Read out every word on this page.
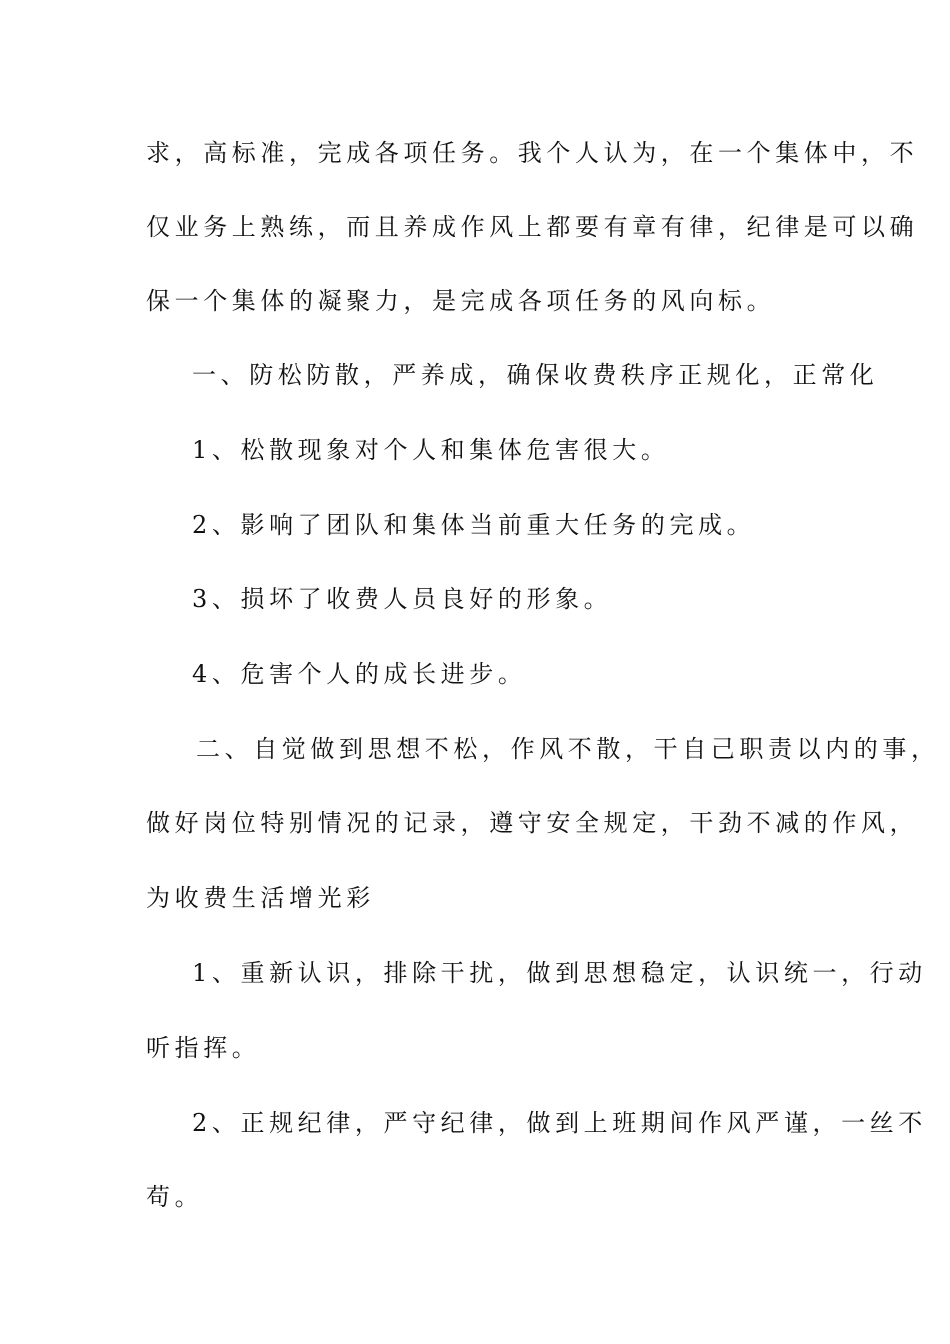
求，高标准，完成各项任务。我个人认为，在一个集体中，不
仅业务上熟练，而且养成作风上都要有章有律，纪律是可以确
保一个集体的凝聚力，是完成各项任务的风向标。
一、防松防散，严养成，确保收费秩序正规化，正常化
1、松散现象对个人和集体危害很大。
2、影响了团队和集体当前重大任务的完成。
3、损坏了收费人员良好的形象。
4、危害个人的成长进步。
二、自觉做到思想不松，作风不散，干自己职责以内的事，
做好岗位特别情况的记录，遵守安全规定，干劲不减的作风，
为收费生活增光彩
1、重新认识，排除干扰，做到思想稳定，认识统一，行动
听指挥。
2、正规纪律，严守纪律，做到上班期间作风严谨，一丝不
苟。
